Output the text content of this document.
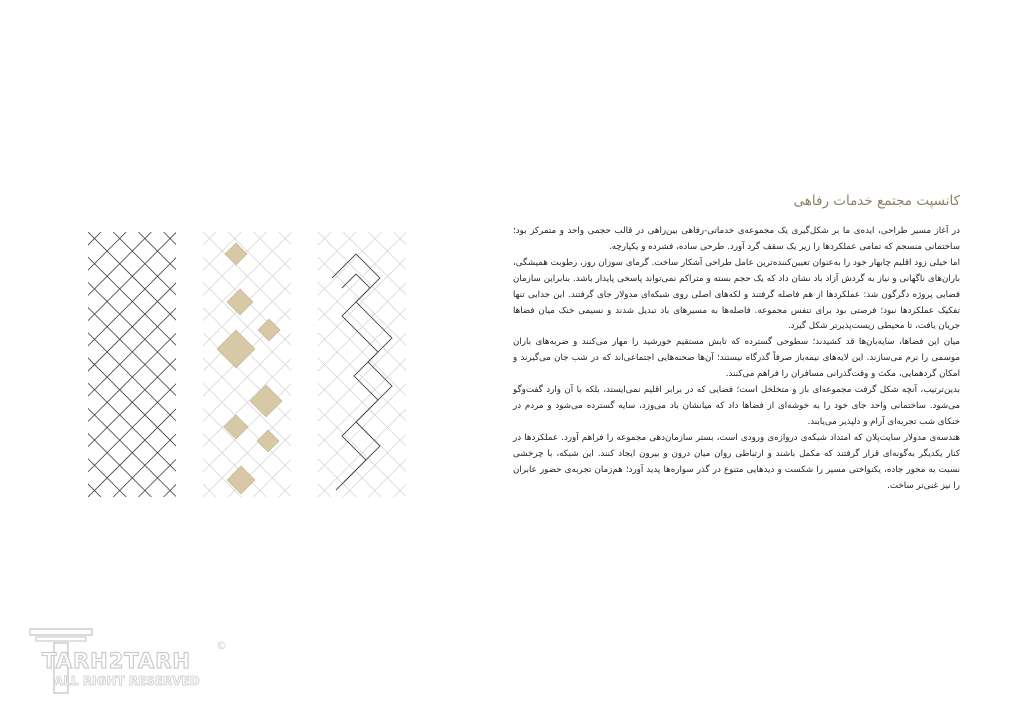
کانسپت مجتمع خدمات رفاهی

در آغاز مسیر طراحی، ایده‌ی ما بر شکل‌گیری یک مجموعه‌ی خدماتی-رفاهی بین‌راهی در قالب حجمی واحد و متمرکز بود؛ ساختمانی منسجم که تمامی عملکردها را زیر یک سقف گرد آورد. طرحی ساده، فشرده و یکپارچه.

اما خیلی زود اقلیم چابهار خود را به‌عنوان تعیین‌کننده‌ترین عامل طراحی آشکار ساخت. گرمای سوزان روز، رطوبت همیشگی، باران‌های ناگهانی و نیاز به گردش آزاد باد نشان داد که یک حجم بسته و متراکم نمی‌تواند پاسخی پایدار باشد. بنابراین سازمان فضایی پروژه دگرگون شد: عملکردها از هم فاصله گرفتند و لکه‌های اصلی روی شبکه‌ای مدولار جای گرفتند. این جدایی تنها تفکیک عملکردها نبود؛ فرصتی بود برای تنفس مجموعه. فاصله‌ها به مسیرهای باد تبدیل شدند و نسیمی خنک میان فضاها جریان یافت، تا محیطی زیست‌پذیرتر شکل گیرد.

میان این فضاها، سایه‌بان‌ها قد کشیدند؛ سطوحی گسترده که تابش مستقیم خورشید را مهار می‌کنند و ضربه‌های باران موسمی را نرم می‌سازند. این لایه‌های نیمه‌باز صرفاً گذرگاه نیستند؛ آن‌ها صحنه‌هایی اجتماعی‌اند که در شب جان می‌گیرند و امکان گردهمایی، مکث و وقت‌گذرانی مسافران را فراهم می‌کنند.

بدین‌ترتیب، آنچه شکل گرفت مجموعه‌ای باز و متخلخل است؛ فضایی که در برابر اقلیم نمی‌ایستد، بلکه با آن وارد گفت‌وگو می‌شود. ساختمانی واحد جای خود را به خوشه‌ای از فضاها داد که میانشان باد می‌وزد، سایه گسترده می‌شود و مردم در خنکای شب تجربه‌ای آرام و دلپذیر می‌یابند.

هندسه‌ی مدولار سایت‌پلان که امتداد شبکه‌ی دروازه‌ی ورودی است، بستر سازمان‌دهی مجموعه را فراهم آورد. عملکردها در کنار یکدیگر به‌گونه‌ای قرار گرفتند که مکمل باشند و ارتباطی روان میان درون و بیرون ایجاد کنند. این شبکه، با چرخشی نسبت به محور جاده، یکنواختی مسیر را شکست و دیدهایی متنوع در گذر سواره‌ها پدید آورد؛ هم‌زمان تجربه‌ی حضور عابران را نیز غنی‌تر ساخت.

TARH2TARH
ALL RIGHT RESERVED
©
